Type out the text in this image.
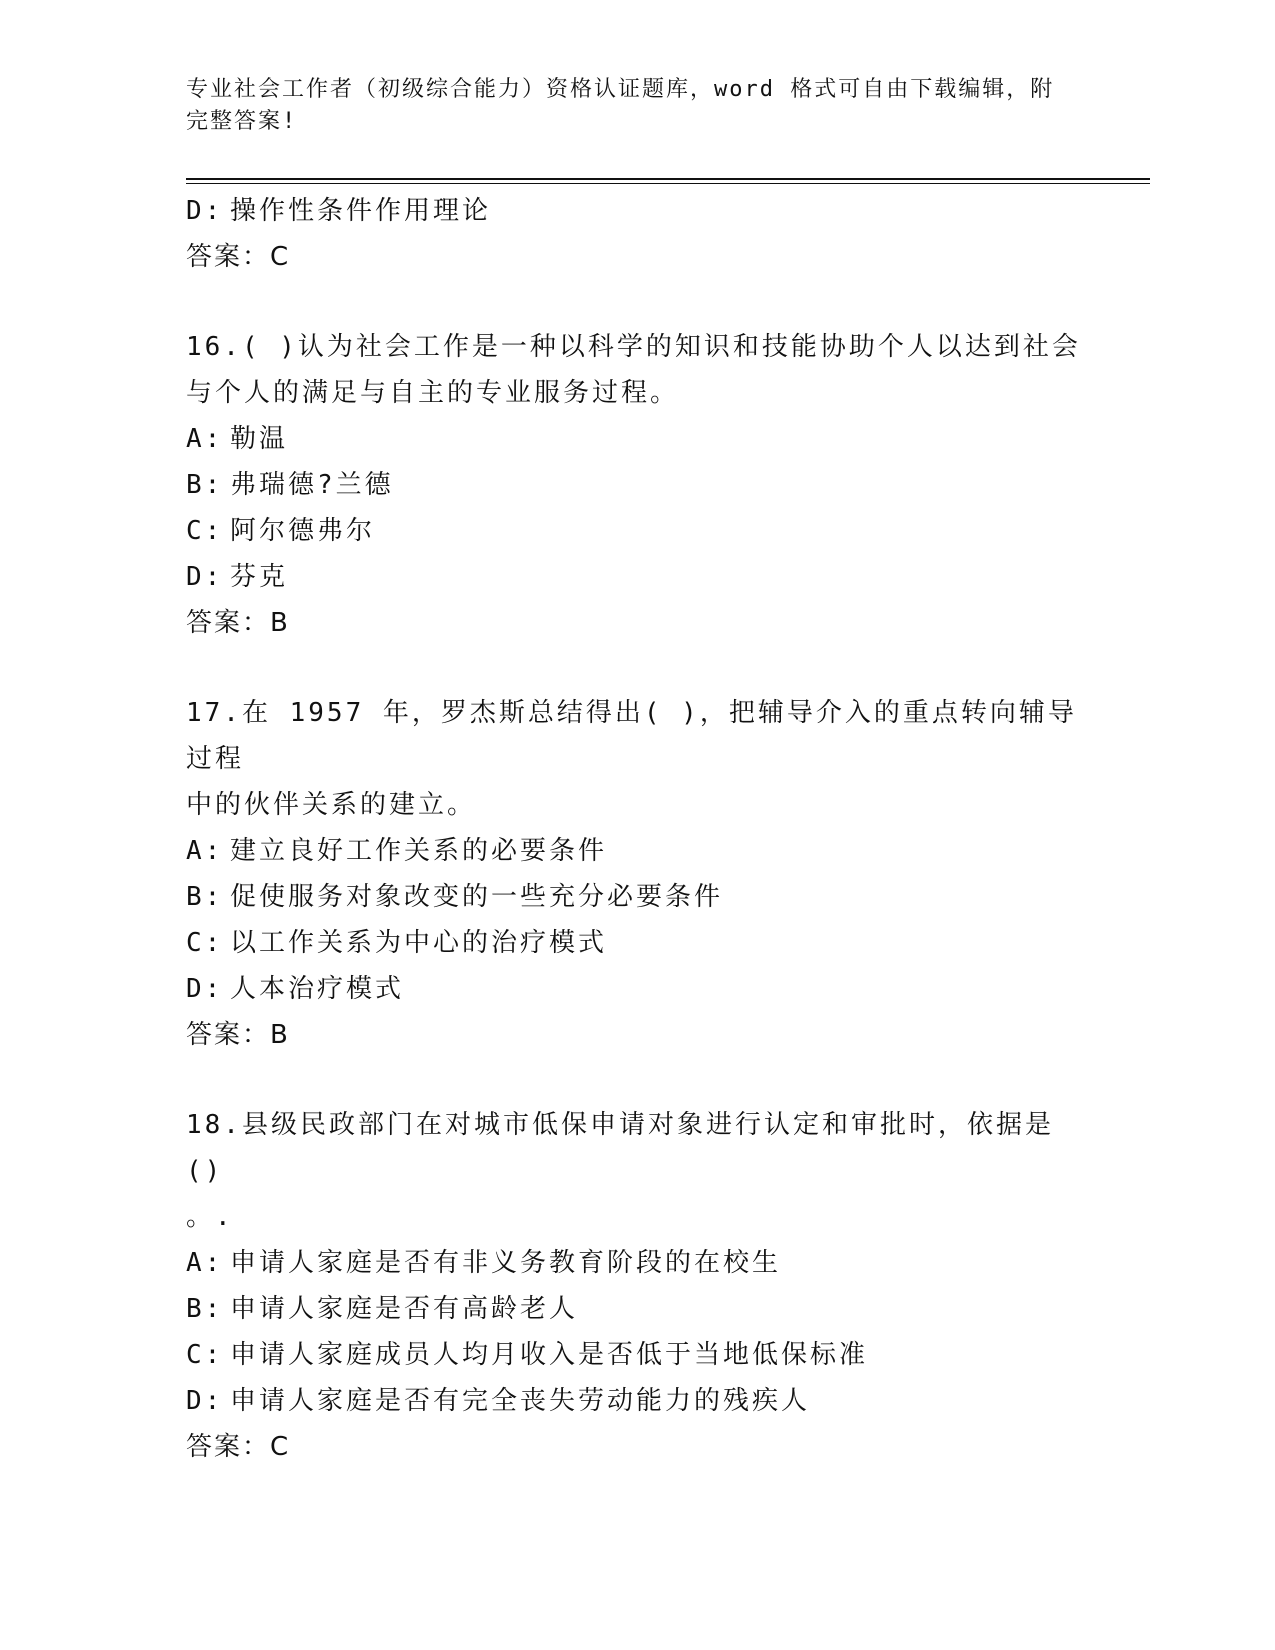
专业社会工作者（初级综合能力）资格认证题库，word 格式可自由下载编辑，附
完整答案!
D: 操作性条件作用理论
答案：C
16.( )认为社会工作是一种以科学的知识和技能协助个人以达到社会
与个人的满足与自主的专业服务过程。
A: 勒温
B: 弗瑞德?兰德
C: 阿尔德弗尔
D: 芬克
答案：B
17.在 1957 年，罗杰斯总结得出( )，把辅导介入的重点转向辅导过程
中的伙伴关系的建立。
A: 建立良好工作关系的必要条件
B: 促使服务对象改变的一些充分必要条件
C: 以工作关系为中心的治疗模式
D: 人本治疗模式
答案：B
18.县级民政部门在对城市低保申请对象进行认定和审批时，依据是()
。.
A: 申请人家庭是否有非义务教育阶段的在校生
B: 申请人家庭是否有高龄老人
C: 申请人家庭成员人均月收入是否低于当地低保标准
D: 申请人家庭是否有完全丧失劳动能力的残疾人
答案：C
